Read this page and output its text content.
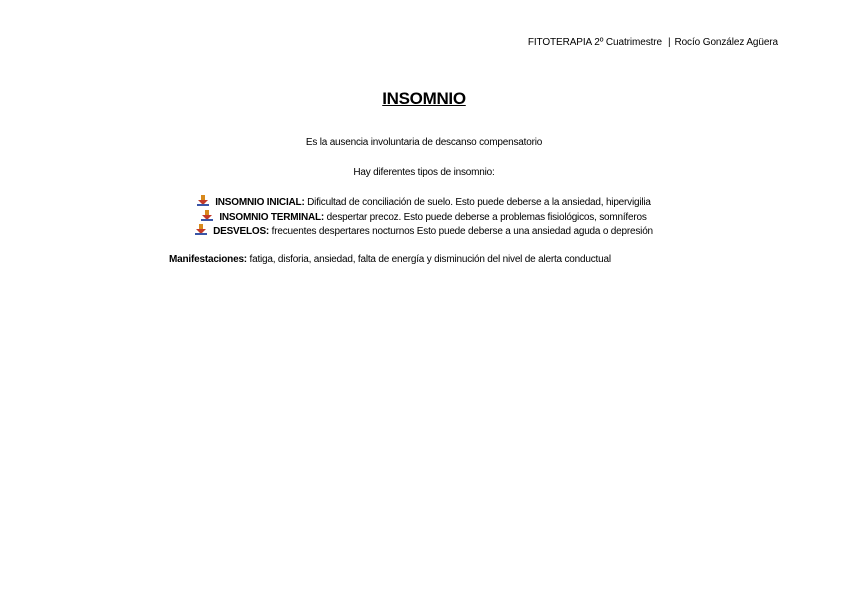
FITOTERAPIA 2º Cuatrimestre | Rocío González Agüera
INSOMNIO
Es la ausencia involuntaria de descanso compensatorio
Hay diferentes tipos de insomnio:
INSOMNIO INICIAL: Dificultad de conciliación de suelo. Esto puede deberse a la ansiedad, hipervigilia
INSOMNIO TERMINAL: despertar precoz. Esto puede deberse a problemas fisiológicos, somníferos
DESVELOS: frecuentes despertares nocturnos Esto puede deberse a una ansiedad aguda o depresión
Manifestaciones: fatiga, disforia, ansiedad, falta de energía y disminución del nivel de alerta conductual
